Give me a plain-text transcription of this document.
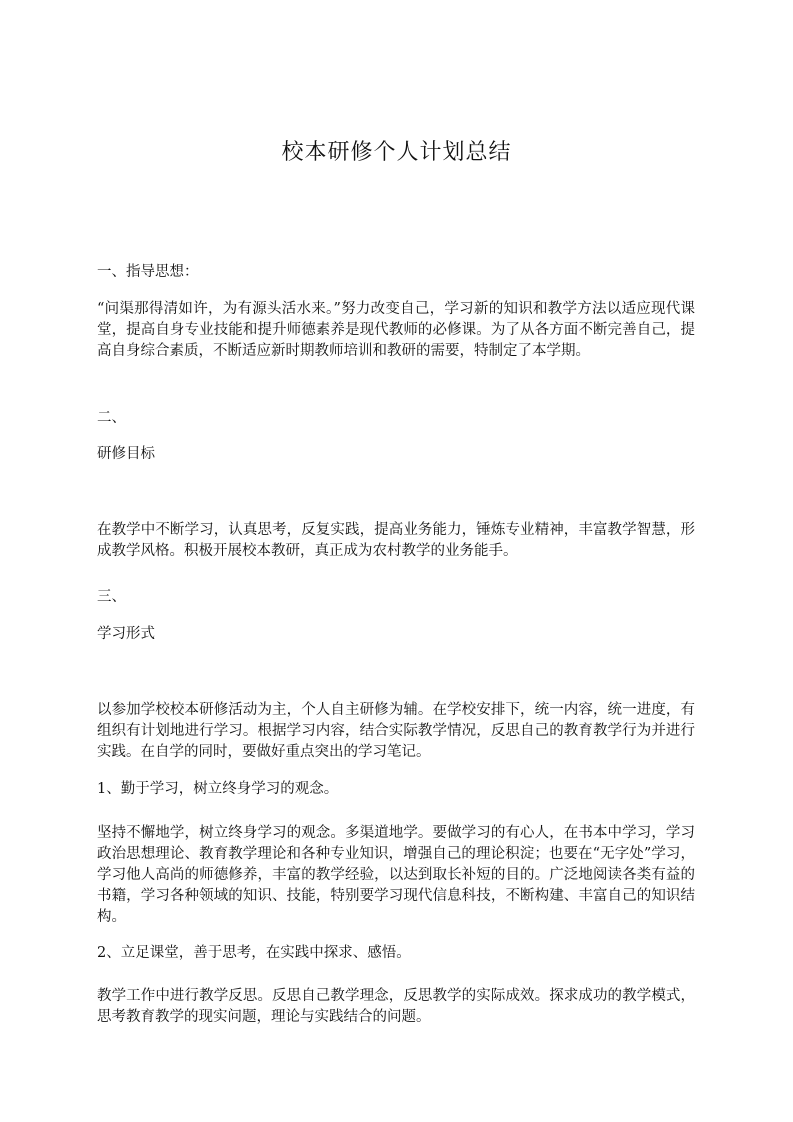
校本研修个人计划总结

一、指导思想：

“问渠那得清如许，为有源头活水来。”努力改变自己，学习新的知识和教学方法以适应现代课堂，提高自身专业技能和提升师德素养是现代教师的必修课。为了从各方面不断完善自己，提高自身综合素质，不断适应新时期教师培训和教研的需要，特制定了本学期。

二、

研修目标

在教学中不断学习，认真思考，反复实践，提高业务能力，锤炼专业精神，丰富教学智慧，形成教学风格。积极开展校本教研，真正成为农村教学的业务能手。

三、

学习形式

以参加学校校本研修活动为主，个人自主研修为辅。在学校安排下，统一内容，统一进度，有组织有计划地进行学习。根据学习内容，结合实际教学情况，反思自己的教育教学行为并进行实践。在自学的同时，要做好重点突出的学习笔记。

1、勤于学习，树立终身学习的观念。

坚持不懈地学，树立终身学习的观念。多渠道地学。要做学习的有心人，在书本中学习，学习政治思想理论、教育教学理论和各种专业知识，增强自己的理论积淀；也要在“无字处”学习，学习他人高尚的师德修养，丰富的教学经验，以达到取长补短的目的。广泛地阅读各类有益的书籍，学习各种领域的知识、技能，特别要学习现代信息科技，不断构建、丰富自己的知识结构。

2、立足课堂，善于思考，在实践中探求、感悟。

教学工作中进行教学反思。反思自己教学理念，反思教学的实际成效。探求成功的教学模式，思考教育教学的现实问题，理论与实践结合的问题。
